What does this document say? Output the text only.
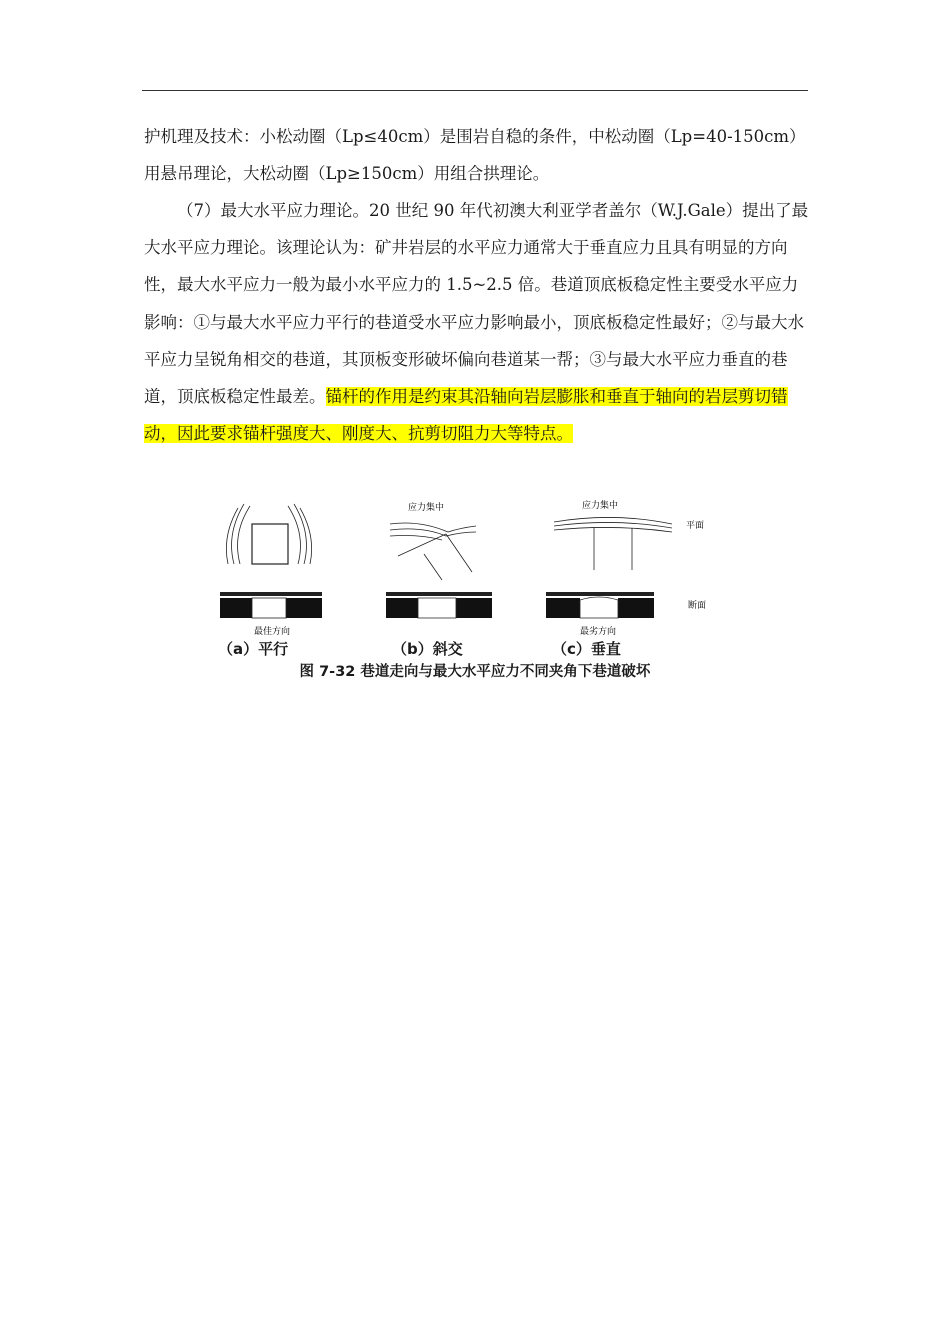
护机理及技术：小松动圈（Lp≤40cm）是围岩自稳的条件，中松动圈（Lp=40-150cm）用悬吊理论，大松动圈（Lp≥150cm）用组合拱理论。
（7）最大水平应力理论。20 世纪 90 年代初澳大利亚学者盖尔（W.J.Gale）提出了最大水平应力理论。该理论认为：矿井岩层的水平应力通常大于垂直应力且具有明显的方向性，最大水平应力一般为最小水平应力的 1.5~2.5 倍。巷道顶底板稳定性主要受水平应力影响：①与最大水平应力平行的巷道受水平应力影响最小，顶底板稳定性最好；②与最大水平应力呈锐角相交的巷道，其顶板变形破坏偏向巷道某一帮；③与最大水平应力垂直的巷道，顶底板稳定性最差。锚杆的作用是约束其沿轴向岩层膨胀和垂直于轴向的岩层剪切错动，因此要求锚杆强度大、刚度大、抗剪切阻力大等特点。
最佳方向
应力集中	应力集中
平面
断面
最劣方向
（a）平行	（b）斜交	（c）垂直
图 7-32 巷道走向与最大水平应力不同夹角下巷道破坏
